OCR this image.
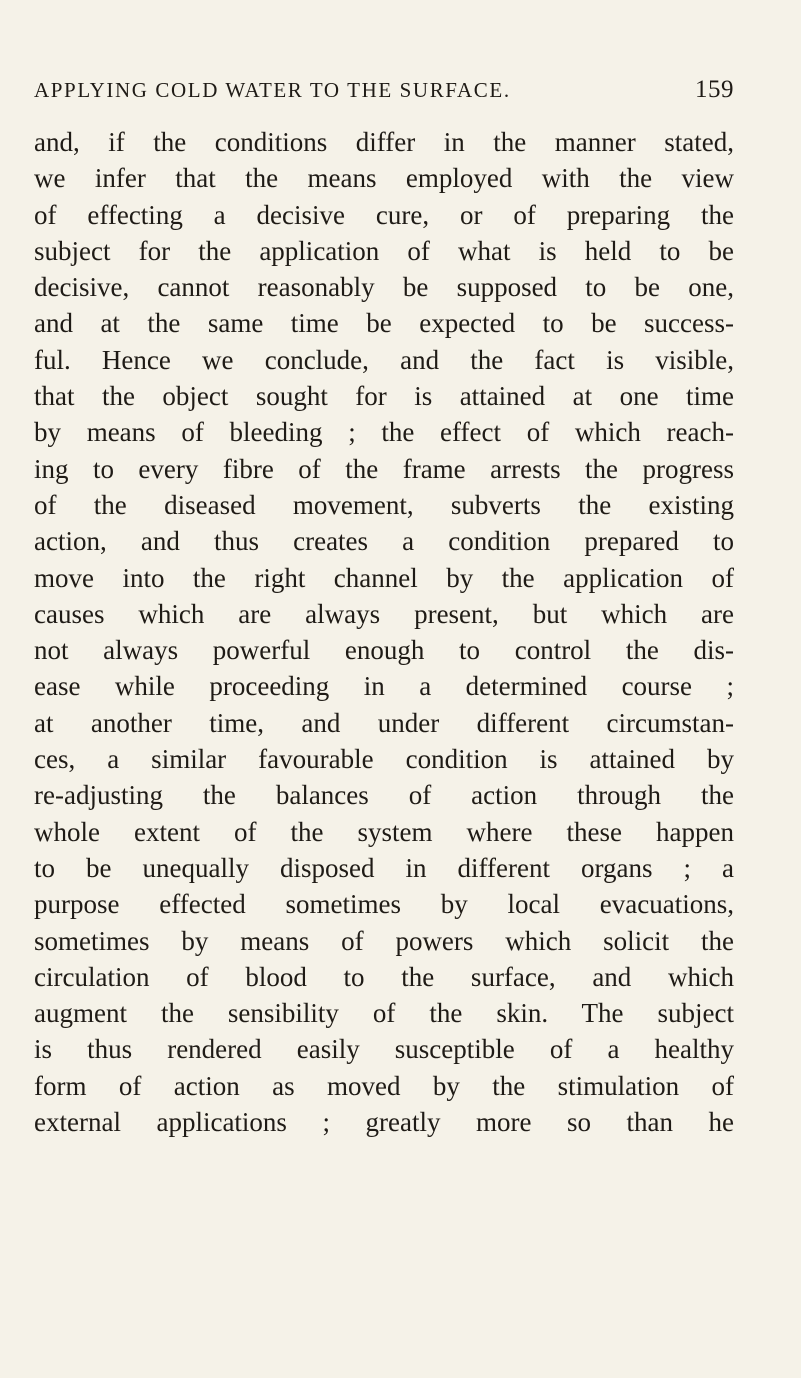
APPLYING COLD WATER TO THE SURFACE.	159
and, if the conditions differ in the manner stated,
we infer that the means employed with the view
of effecting a decisive cure, or of preparing the
subject for the application of what is held to be
decisive, cannot reasonably be supposed to be one,
and at the same time be expected to be success-
ful. Hence we conclude, and the fact is visible,
that the object sought for is attained at one time
by means of bleeding ; the effect of which reach-
ing to every fibre of the frame arrests the progress
of the diseased movement, subverts the existing
action, and thus creates a condition prepared to
move into the right channel by the application of
causes which are always present, but which are
not always powerful enough to control the dis-
ease while proceeding in a determined course ;
at another time, and under different circumstan-
ces, a similar favourable condition is attained by
re-adjusting the balances of action through the
whole extent of the system where these happen
to be unequally disposed in different organs ; a
purpose effected sometimes by local evacuations,
sometimes by means of powers which solicit the
circulation of blood to the surface, and which
augment the sensibility of the skin. The subject
is thus rendered easily susceptible of a healthy
form of action as moved by the stimulation of
external applications ; greatly more so than he
